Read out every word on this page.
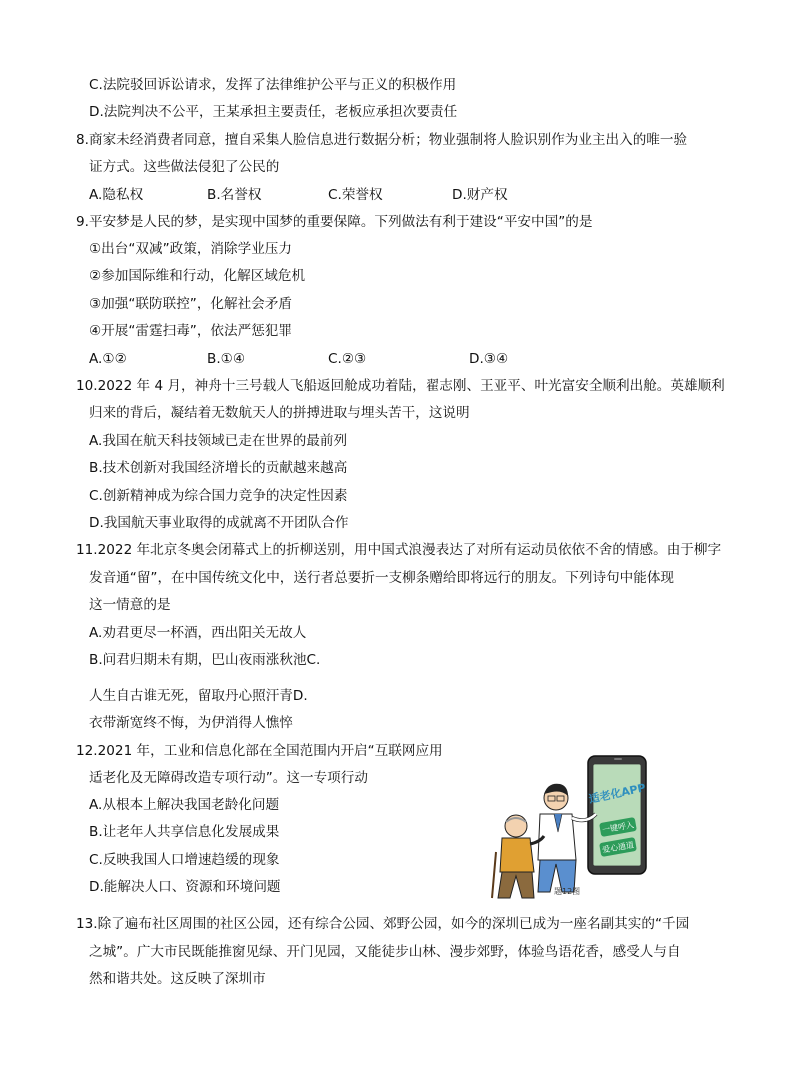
C.法院驳回诉讼请求，发挥了法律维护公平与正义的积极作用
D.法院判决不公平，王某承担主要责任，老板应承担次要责任
8.商家未经消费者同意，擅自采集人脸信息进行数据分析；物业强制将人脸识别作为业主出入的唯一验
证方式。这些做法侵犯了公民的
A.隐私权	B.名誉权	C.荣誉权	D.财产权
9.平安梦是人民的梦，是实现中国梦的重要保障。下列做法有利于建设“平安中国”的是
①出台“双减”政策，消除学业压力
②参加国际维和行动，化解区域危机
③加强“联防联控”，化解社会矛盾
④开展“雷霆扫毒”，依法严惩犯罪
A.①②	B.①④	C.②③	D.③④
10.2022 年 4 月，神舟十三号载人飞船返回舱成功着陆，翟志刚、王亚平、叶光富安全顺利出舱。英雄顺利
归来的背后，凝结着无数航天人的拼搏进取与埋头苦干，这说明
A.我国在航天科技领域已走在世界的最前列
B.技术创新对我国经济增长的贡献越来越高
C.创新精神成为综合国力竞争的决定性因素
D.我国航天事业取得的成就离不开团队合作
11.2022 年北京冬奥会闭幕式上的折柳送别，用中国式浪漫表达了对所有运动员依依不舍的情感。由于柳字
发音通“留”，在中国传统文化中，送行者总要折一支柳条赠给即将远行的朋友。下列诗句中能体现
这一情意的是
A.劝君更尽一杯酒，西出阳关无故人
B.问君归期未有期，巴山夜雨涨秋池C.
人生自古谁无死，留取丹心照汗青D.
衣带渐宽终不悔，为伊消得人憔悴
12.2021 年，工业和信息化部在全国范围内开启“互联网应用
适老化及无障碍改造专项行动”。这一专项行动
A.从根本上解决我国老龄化问题
B.让老年人共享信息化发展成果
C.反映我国人口增速趋缓的现象
D.能解决人口、资源和环境问题
适老化APP
一键呼入
爱心通道
题12图
13.除了遍布社区周围的社区公园，还有综合公园、郊野公园，如今的深圳已成为一座名副其实的“千园
之城”。广大市民既能推窗见绿、开门见园，又能徒步山林、漫步郊野，体验鸟语花香，感受人与自
然和谐共处。这反映了深圳市
